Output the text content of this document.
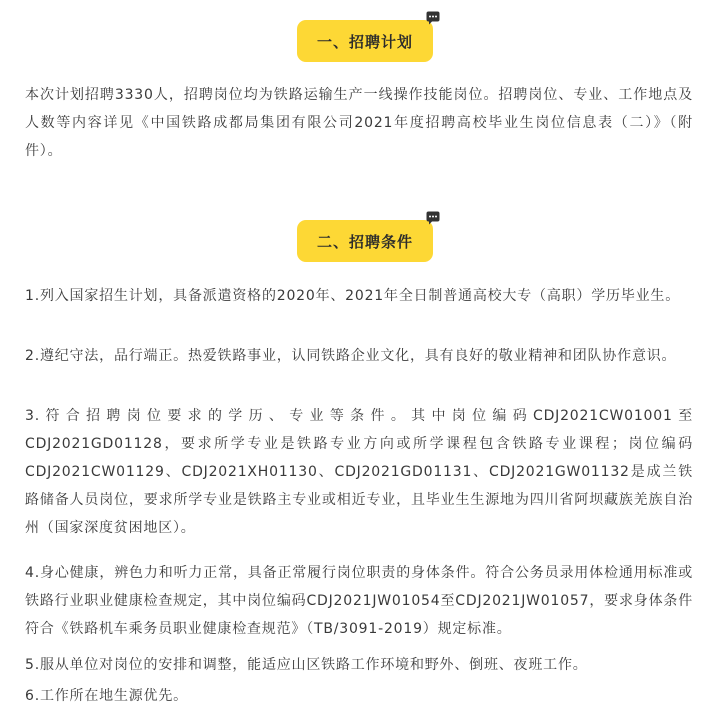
一、招聘计划

本次计划招聘3330人，招聘岗位均为铁路运输生产一线操作技能岗位。招聘岗位、专业、工作地点及人数等内容详见《中国铁路成都局集团有限公司2021年度招聘高校毕业生岗位信息表（二）》（附件）。

二、招聘条件

1.列入国家招生计划，具备派遣资格的2020年、2021年全日制普通高校大专（高职）学历毕业生。

2.遵纪守法，品行端正。热爱铁路事业，认同铁路企业文化，具有良好的敬业精神和团队协作意识。

3.符合招聘岗位要求的学历、专业等条件。其中岗位编码CDJ2021CW01001至CDJ2021GD01128，要求所学专业是铁路专业方向或所学课程包含铁路专业课程；岗位编码CDJ2021CW01129、CDJ2021XH01130、CDJ2021GD01131、CDJ2021GW01132是成兰铁路储备人员岗位，要求所学专业是铁路主专业或相近专业，且毕业生生源地为四川省阿坝藏族羌族自治州（国家深度贫困地区）。

4.身心健康，辨色力和听力正常，具备正常履行岗位职责的身体条件。符合公务员录用体检通用标准或铁路行业职业健康检查规定，其中岗位编码CDJ2021JW01054至CDJ2021JW01057，要求身体条件符合《铁路机车乘务员职业健康检查规范》（TB/3091-2019）规定标准。

5.服从单位对岗位的安排和调整，能适应山区铁路工作环境和野外、倒班、夜班工作。

6.工作所在地生源优先。
